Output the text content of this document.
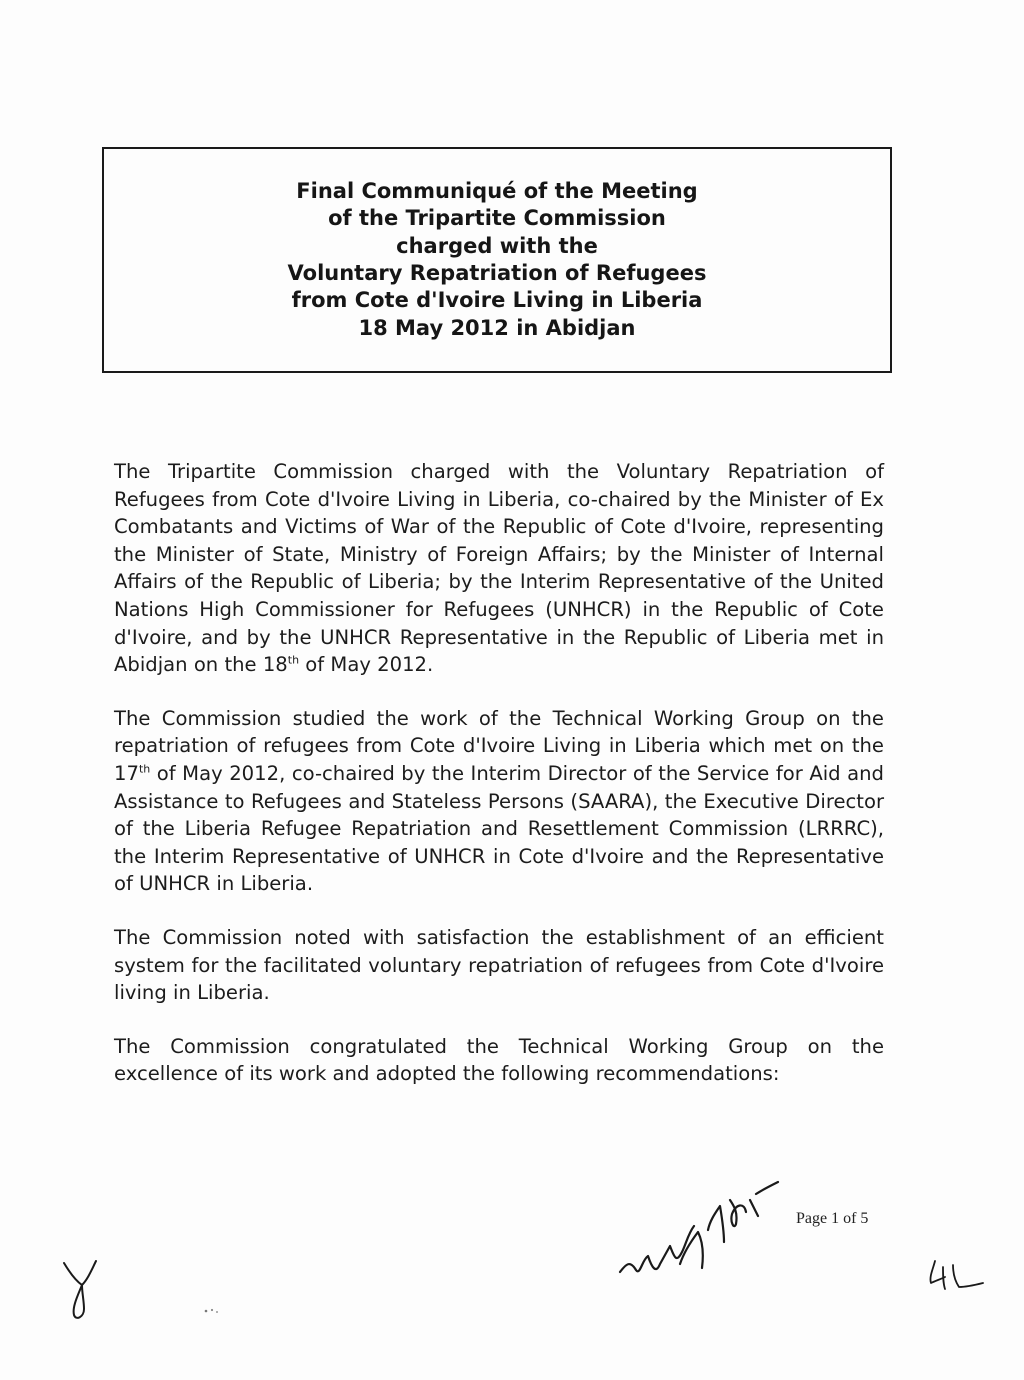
Final Communiqué of the Meeting
of the Tripartite Commission
charged with the
Voluntary Repatriation of Refugees
from Cote d'Ivoire Living in Liberia
18 May 2012 in Abidjan

The Tripartite Commission charged with the Voluntary Repatriation of Refugees from Cote d'Ivoire Living in Liberia, co-chaired by the Minister of Ex Combatants and Victims of War of the Republic of Cote d'Ivoire, representing the Minister of State, Ministry of Foreign Affairs; by the Minister of Internal Affairs of the Republic of Liberia; by the Interim Representative of the United Nations High Commissioner for Refugees (UNHCR) in the Republic of Cote d'Ivoire, and by the UNHCR Representative in the Republic of Liberia met in Abidjan on the 18th of May 2012.

The Commission studied the work of the Technical Working Group on the repatriation of refugees from Cote d'Ivoire Living in Liberia which met on the 17th of May 2012, co-chaired by the Interim Director of the Service for Aid and Assistance to Refugees and Stateless Persons (SAARA), the Executive Director of the Liberia Refugee Repatriation and Resettlement Commission (LRRRC), the Interim Representative of UNHCR in Cote d'Ivoire and the Representative of UNHCR in Liberia.

The Commission noted with satisfaction the establishment of an efficient system for the facilitated voluntary repatriation of refugees from Cote d'Ivoire living in Liberia.

The Commission congratulated the Technical Working Group on the excellence of its work and adopted the following recommendations:

Page 1 of 5
